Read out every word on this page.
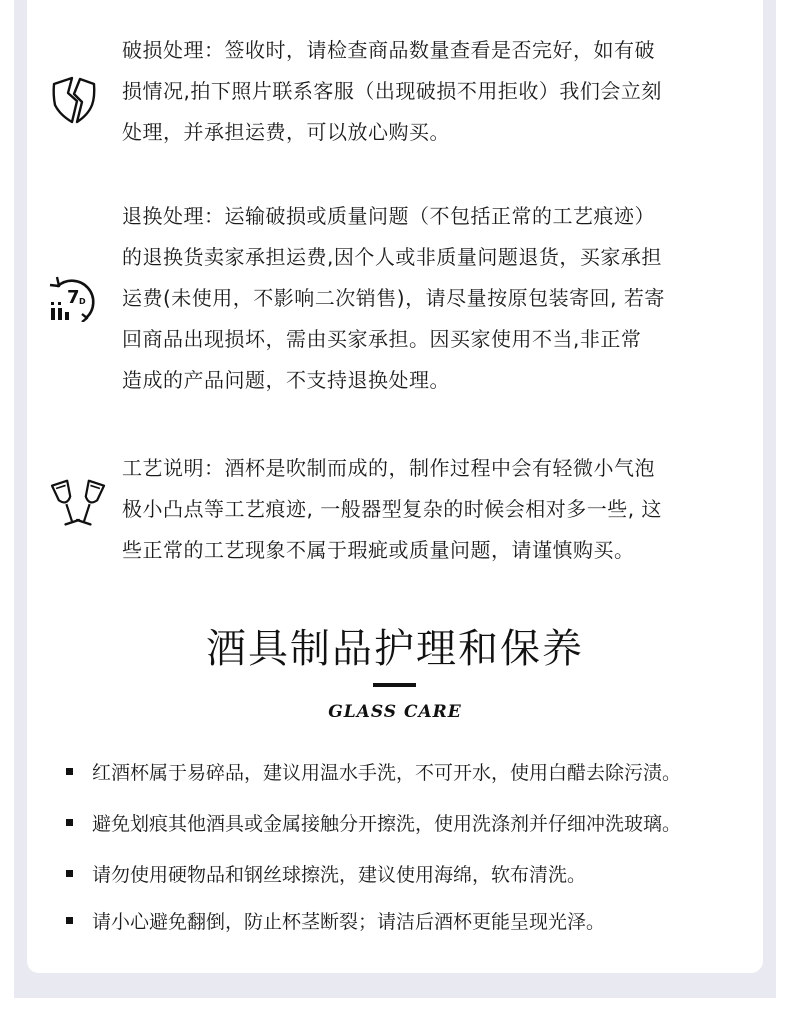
破损处理：签收时，请检查商品数量查看是否完好，如有破

损情况,拍下照片联系客服（出现破损不用拒收）我们会立刻

处理，并承担运费，可以放心购买。

7 D

退换处理：运输破损或质量问题（不包括正常的工艺痕迹）

的退换货卖家承担运费,因个人或非质量问题退货，买家承担

运费(未使用，不影响二次销售)，请尽量按原包装寄回, 若寄

回商品出现损坏，需由买家承担。因买家使用不当,非正常

造成的产品问题，不支持退换处理。

工艺说明：酒杯是吹制而成的，制作过程中会有轻微小气泡

极小凸点等工艺痕迹, 一般器型复杂的时候会相对多一些, 这

些正常的工艺现象不属于瑕疵或质量问题，请谨慎购买。

酒具制品护理和保养
GLASS CARE
红酒杯属于易碎品，建议用温水手洗，不可开水，使用白醋去除污渍。
避免划痕其他酒具或金属接触分开擦洗，使用洗涤剂并仔细冲洗玻璃。
请勿使用硬物品和钢丝球擦洗，建议使用海绵，软布清洗。
请小心避免翻倒，防止杯茎断裂；请洁后酒杯更能呈现光泽。
